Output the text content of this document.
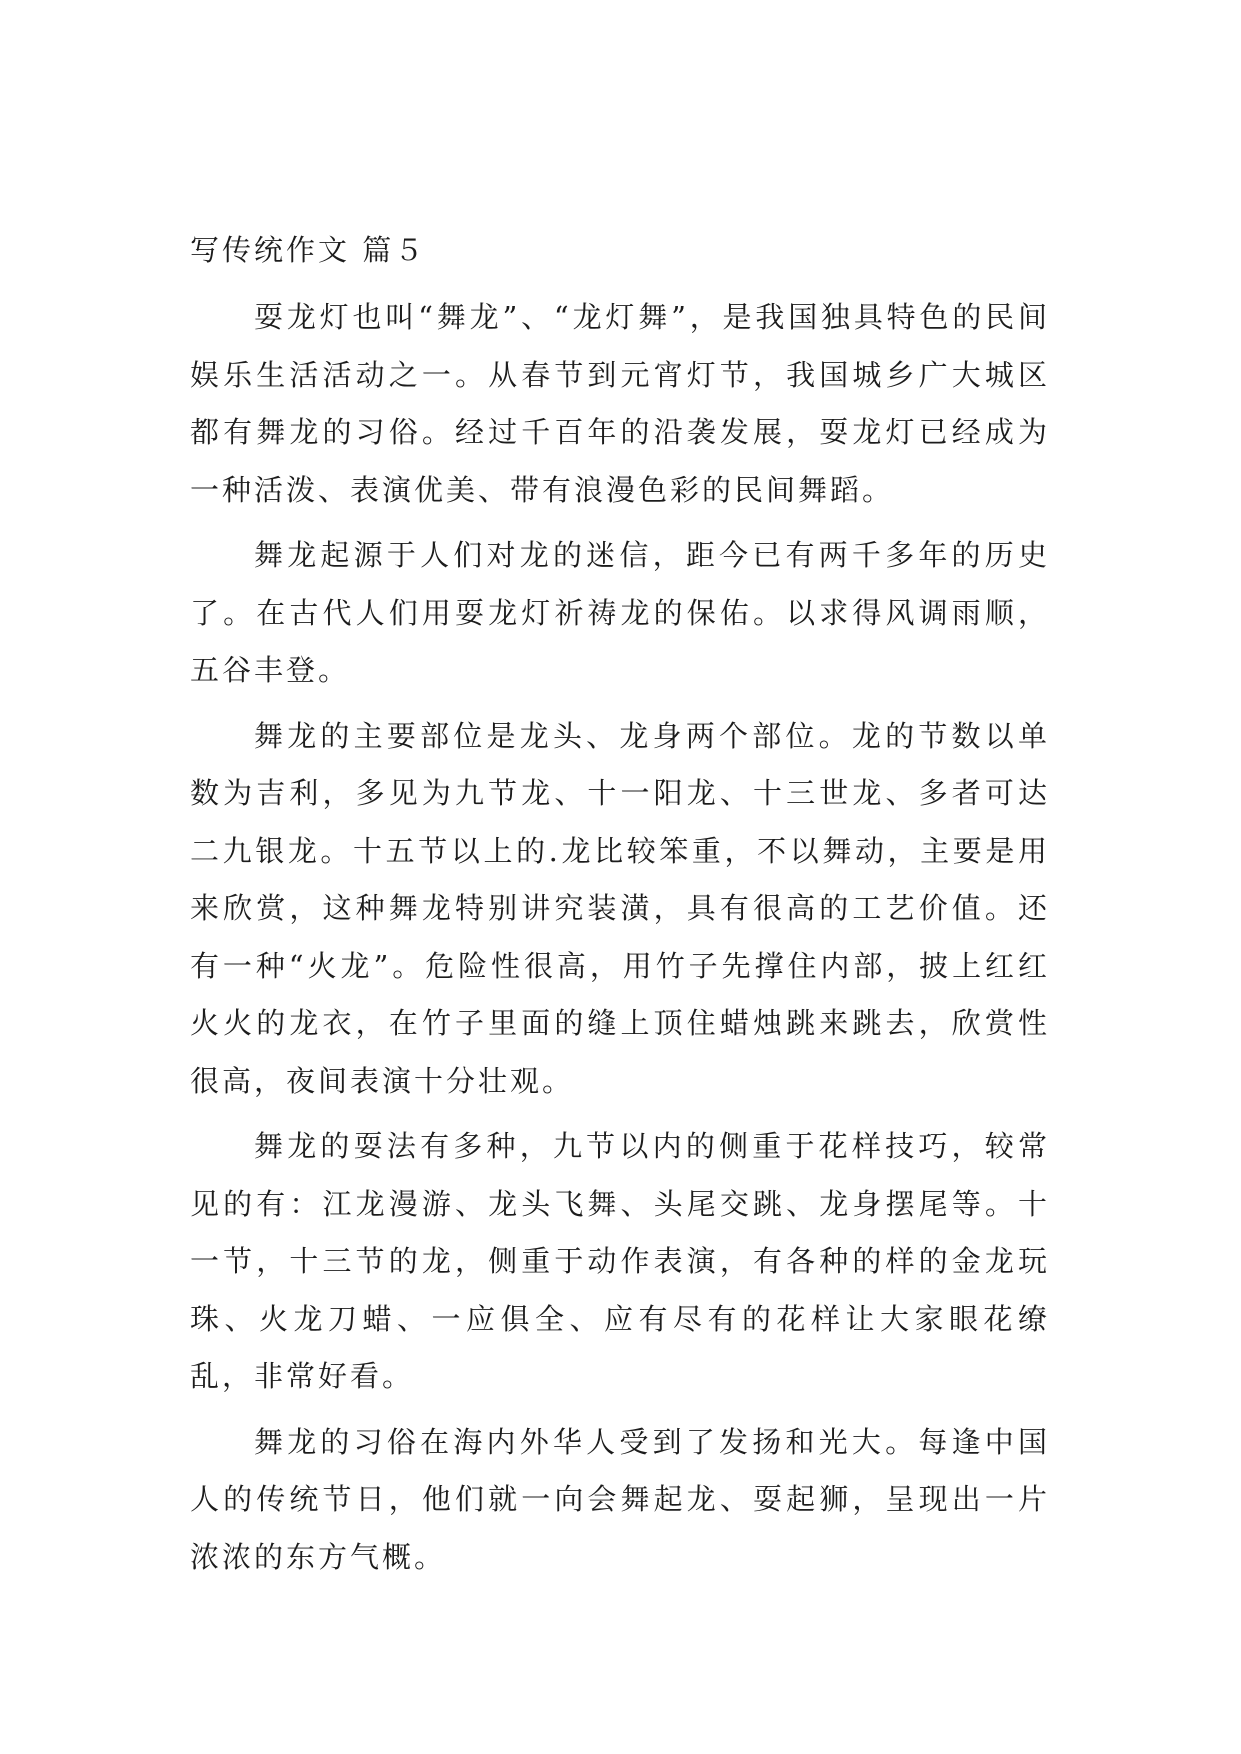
写传统作文 篇５

耍龙灯也叫“舞龙”、“龙灯舞”，是我国独具特色的民间娱乐生活活动之一。从春节到元宵灯节，我国城乡广大城区都有舞龙的习俗。经过千百年的沿袭发展，耍龙灯已经成为一种活泼、表演优美、带有浪漫色彩的民间舞蹈。

舞龙起源于人们对龙的迷信，距今已有两千多年的历史了。在古代人们用耍龙灯祈祷龙的保佑。以求得风调雨顺，五谷丰登。

舞龙的主要部位是龙头、龙身两个部位。龙的节数以单数为吉利，多见为九节龙、十一阳龙、十三世龙、多者可达二九银龙。十五节以上的.龙比较笨重，不以舞动，主要是用来欣赏，这种舞龙特别讲究装潢，具有很高的工艺价值。还有一种“火龙”。危险性很高，用竹子先撑住内部，披上红红火火的龙衣，在竹子里面的缝上顶住蜡烛跳来跳去，欣赏性很高，夜间表演十分壮观。

舞龙的耍法有多种，九节以内的侧重于花样技巧，较常见的有：江龙漫游、龙头飞舞、头尾交跳、龙身摆尾等。十一节，十三节的龙，侧重于动作表演，有各种的样的金龙玩珠、火龙刀蜡、一应俱全、应有尽有的花样让大家眼花缭乱，非常好看。

舞龙的习俗在海内外华人受到了发扬和光大。每逢中国人的传统节日，他们就一向会舞起龙、耍起狮，呈现出一片浓浓的东方气概。
